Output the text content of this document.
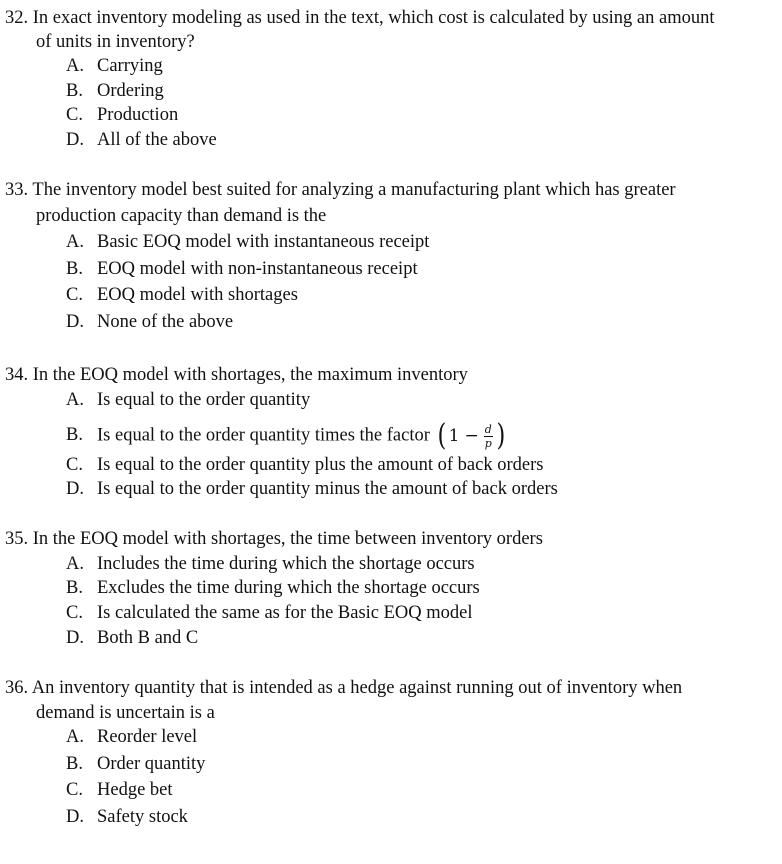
32. In exact inventory modeling as used in the text, which cost is calculated by using an amount
of units in inventory?
A. Carrying
B. Ordering
C. Production
D. All of the above
33. The inventory model best suited for analyzing a manufacturing plant which has greater
production capacity than demand is the
A. Basic EOQ model with instantaneous receipt
B. EOQ model with non-instantaneous receipt
C. EOQ model with shortages
D. None of the above
34. In the EOQ model with shortages, the maximum inventory
A. Is equal to the order quantity
B. Is equal to the order quantity times the factor ( $1 - \frac{d}{p}$ )
C. Is equal to the order quantity plus the amount of back orders
D. Is equal to the order quantity minus the amount of back orders
35. In the EOQ model with shortages, the time between inventory orders
A. Includes the time during which the shortage occurs
B. Excludes the time during which the shortage occurs
C. Is calculated the same as for the Basic EOQ model
D. Both B and C
36. An inventory quantity that is intended as a hedge against running out of inventory when
demand is uncertain is a
A. Reorder level
B. Order quantity
C. Hedge bet
D. Safety stock
